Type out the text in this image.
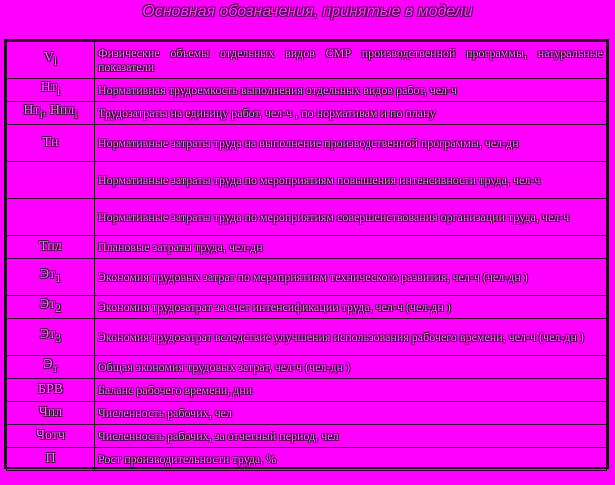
Основная обозначения, принятые в модели
$V_i$	Физические объемы отдельных видов СМР производственной программы, натуральные показатели
$Нт_i$	Нормативная трудоемкость выполнения отдельных видов работ, чел-ч
$Нт_i$, Нпл$_i$	Трудозатраты на единицу работ, чел-ч , по нормативам и по плану
Тн	Нормативные затраты труда на выполнение производственной программы, чел-дн
	Нормативные затраты труда по мероприятиям повышения интенсивности труда, чел-ч
	Нормативные затраты труда по мероприятиям совершенствования организации труда, чел-ч
Тпл	Плановые затраты труда, чел-дн
$Эт_1$	Экономия трудовых затрат по мероприятиям технического развития, чел-ч (чел-дн )
$Эт_2$	Экономия трудозатрат за счет интенсификации труда, чел-ч (чел-дн )
$Эт_3$	Экономия трудозатрат вследствие улучшения использования рабочего времени, чел-ч (чел-дн )
$Э_т$	Общая экономия трудовых затрат, чел-ч (чел-дн )
БРВ	Баланс рабочего времени, дни
Чпл	Численность рабочих, чел
Чотч	Численность рабочих, за отчетный период, чел
П	Рост производительности труда, %
